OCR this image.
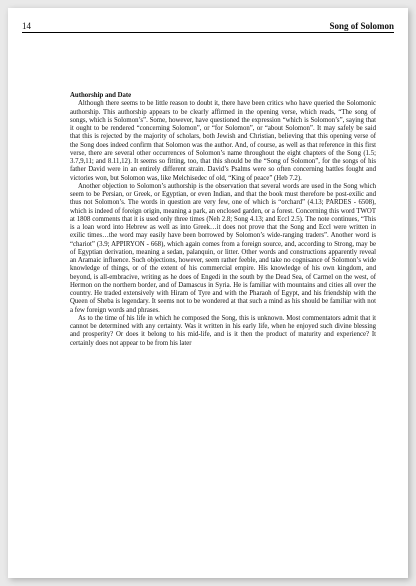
14	Song of Solomon

Authorship and Date

Although there seems to be little reason to doubt it, there have been critics who have queried the Solomonic authorship. This authorship appears to be clearly affirmed in the opening verse, which reads, “The song of songs, which is Solomon’s”. Some, however, have questioned the expression “which is Solomon’s”, saying that it ought to be rendered “concerning Solomon”, or “for Solomon”, or “about Solomon”. It may safely be said that this is rejected by the majority of scholars, both Jewish and Christian, believing that this opening verse of the Song does indeed confirm that Solomon was the author. And, of course, as well as that reference in this first verse, there are several other occurrences of Solomon’s name throughout the eight chapters of the Song (1.5; 3.7,9,11; and 8.11,12). It seems so fitting, too, that this should be the “Song of Solomon”, for the songs of his father David were in an entirely different strain. David’s Psalms were so often concerning battles fought and victories won, but Solomon was, like Melchisedec of old, “King of peace” (Heb 7.2).

Another objection to Solomon’s authorship is the observation that several words are used in the Song which seem to be Persian, or Greek, or Egyptian, or even Indian, and that the book must therefore be post-exilic and thus not Solomon’s. The words in question are very few, one of which is “orchard” (4.13; PARDES - 6508), which is indeed of foreign origin, meaning a park, an enclosed garden, or a forest. Concerning this word TWOT at 1808 comments that it is used only three times (Neh 2.8; Song 4.13; and Eccl 2.5). The note continues, “This is a loan word into Hebrew as well as into Greek…it does not prove that the Song and Eccl were written in exilic times…the word may easily have been borrowed by Solomon’s wide-ranging traders”. Another word is “chariot” (3.9; APPIRYON - 668), which again comes from a foreign source, and, according to Strong, may be of Egyptian derivation, meaning a sedan, palanquin, or litter. Other words and constructions apparently reveal an Aramaic influence. Such objections, however, seem rather feeble, and take no cognisance of Solomon’s wide knowledge of things, or of the extent of his commercial empire. His knowledge of his own kingdom, and beyond, is all-embracive, writing as he does of Engedi in the south by the Dead Sea, of Carmel on the west, of Hermon on the northern border, and of Damascus in Syria. He is familiar with mountains and cities all over the country. He traded extensively with Hiram of Tyre and with the Pharaoh of Egypt, and his friendship with the Queen of Sheba is legendary. It seems not to be wondered at that such a mind as his should be familiar with not a few foreign words and phrases.

As to the time of his life in which he composed the Song, this is unknown. Most commentators admit that it cannot be determined with any certainty. Was it written in his early life, when he enjoyed such divine blessing and prosperity? Or does it belong to his mid-life, and is it then the product of maturity and experience? It certainly does not appear to be from his later
